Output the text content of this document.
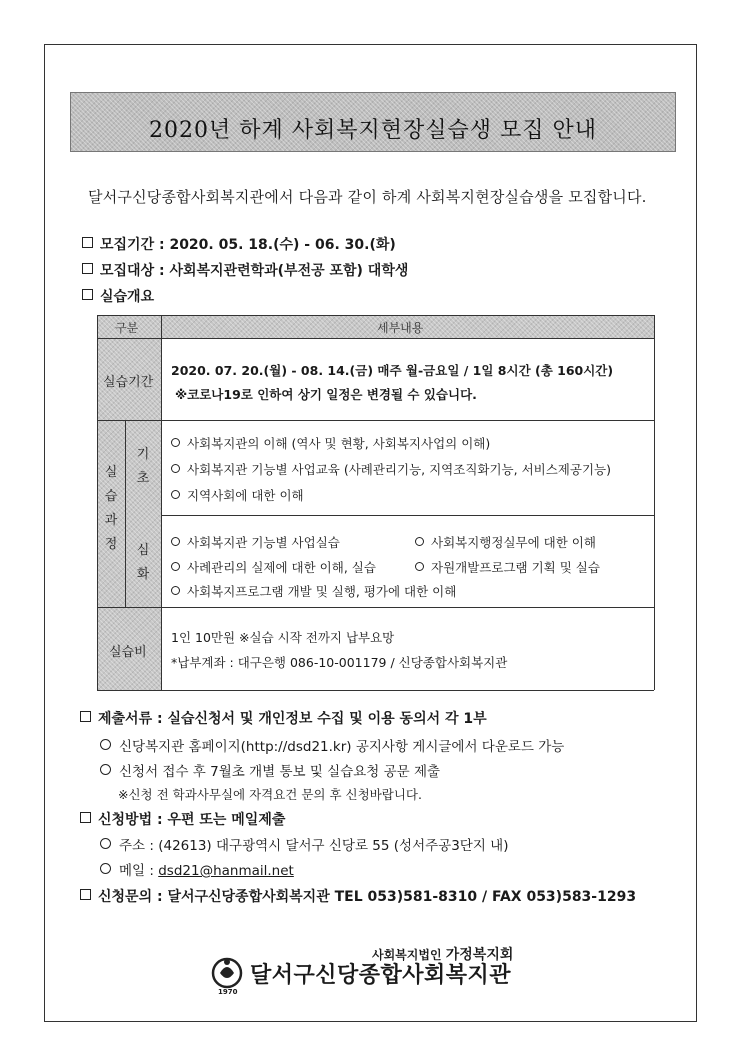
2020년 하계 사회복지현장실습생 모집 안내
달서구신당종합사회복지관에서 다음과 같이 하계 사회복지현장실습생을 모집합니다.
모집기간 : 2020. 05. 18.(수) - 06. 30.(화)
모집대상 : 사회복지관련학과(부전공 포함) 대학생
실습개요
구분	세부내용
실습기간
2020. 07. 20.(월) - 08. 14.(금) 매주 월-금요일 / 1일 8시간 (총 160시간)
※코로나19로 인하여 상기 일정은 변경될 수 있습니다.
실
습
과
정
기
초
심
화
사회복지관의 이해 (역사 및 현황, 사회복지사업의 이해)
사회복지관 기능별 사업교육 (사례관리기능, 지역조직화기능, 서비스제공기능)
지역사회에 대한 이해
사회복지관 기능별 사업실습
사례관리의 실제에 대한 이해, 실습
사회복지프로그램 개발 및 실행, 평가에 대한 이해
사회복지행정실무에 대한 이해
자원개발프로그램 기획 및 실습
실습비
1인 10만원 ※실습 시작 전까지 납부요망
*납부계좌 : 대구은행 086-10-001179 / 신당종합사회복지관
제출서류 : 실습신청서 및 개인정보 수집 및 이용 동의서 각 1부
신당복지관 홈페이지(http://dsd21.kr) 공지사항 게시글에서 다운로드 가능
신청서 접수 후 7월초 개별 통보 및 실습요청 공문 제출
※신청 전 학과사무실에 자격요건 문의 후 신청바랍니다.
신청방법 : 우편 또는 메일제출
주소 : (42613) 대구광역시 달서구 신당로 55 (성서주공3단지 내)
메일 : dsd21@hanmail.net
신청문의 : 달서구신당종합사회복지관 TEL 053)581-8310 / FAX 053)583-1293
1970
사회복지법인 가정복지회
달서구신당종합사회복지관
